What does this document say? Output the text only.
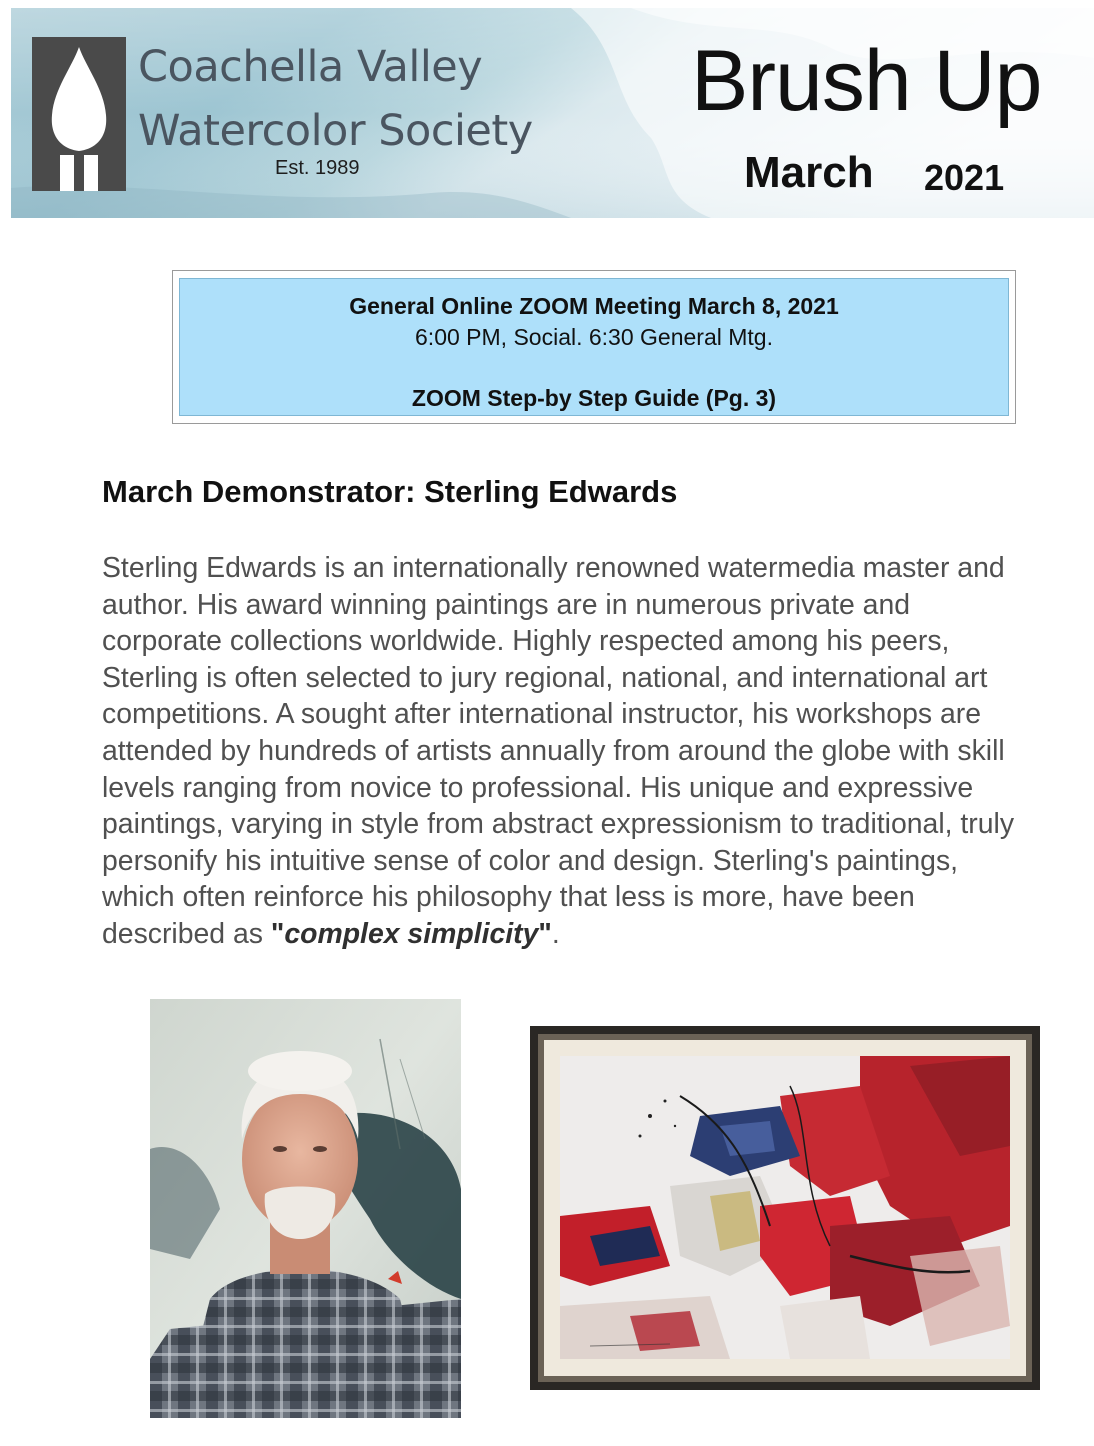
Coachella Valley
Watercolor Society
Est. 1989
Brush Up
March 2021
General Online ZOOM Meeting March 8, 2021
6:00 PM, Social. 6:30 General Mtg.
ZOOM Step-by Step Guide (Pg. 3)
March Demonstrator: Sterling Edwards
Sterling Edwards is an internationally renowned watermedia master and
author. His award winning paintings are in numerous private and
corporate collections worldwide. Highly respected among his peers,
Sterling is often selected to jury regional, national, and international art
competitions. A sought after international instructor, his workshops are
attended by hundreds of artists annually from around the globe with skill
levels ranging from novice to professional. His unique and expressive
paintings, varying in style from abstract expressionism to traditional, truly
personify his intuitive sense of color and design. Sterling's paintings,
which often reinforce his philosophy that less is more, have been
described as "complex simplicity".
